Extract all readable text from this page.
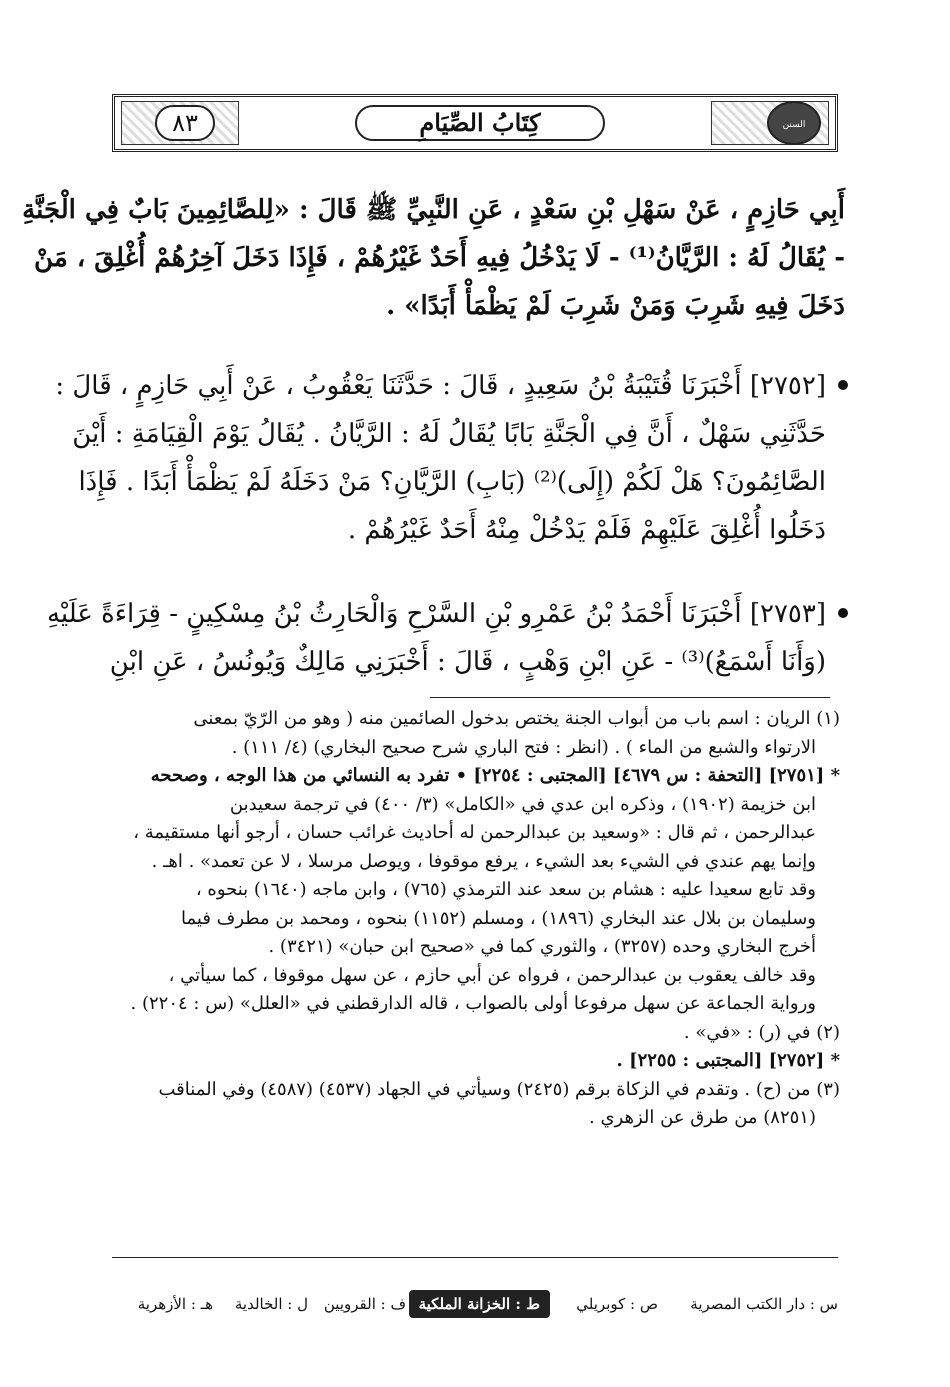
السنن الكبرى
٨٣	كِتَابُ الصِّيَامِ
أَبِي حَازِمٍ ، عَنْ سَهْلِ بْنِ سَعْدٍ ، عَنِ النَّبِيِّ ﷺ قَالَ : «لِلصَّائِمِينَ بَابٌ فِي الْجَنَّةِ
- يُقَالُ لَهُ : الرَّيَّانُ⁽¹⁾ - لَا يَدْخُلُ فِيهِ أَحَدٌ غَيْرُهُمْ ، فَإِذَا دَخَلَ آخِرُهُمْ أُغْلِقَ ، مَنْ
دَخَلَ فِيهِ شَرِبَ وَمَنْ شَرِبَ لَمْ يَظْمَأْ أَبَدًا» .
[٢٧٥٢] أَخْبَرَنَا قُتَيْبَةُ بْنُ سَعِيدٍ ، قَالَ : حَدَّثَنَا يَعْقُوبُ ، عَنْ أَبِي حَازِمٍ ، قَالَ :
حَدَّثَنِي سَهْلٌ ، أَنَّ فِي الْجَنَّةِ بَابًا يُقَالُ لَهُ : الرَّيَّانُ . يُقَالُ يَوْمَ الْقِيَامَةِ : أَيْنَ
الصَّائِمُونَ؟ هَلْ لَكُمْ (إِلَى)⁽²⁾ (بَابِ) الرَّيَّانِ؟ مَنْ دَخَلَهُ لَمْ يَظْمَأْ أَبَدًا . فَإِذَا
دَخَلُوا أُغْلِقَ عَلَيْهِمْ فَلَمْ يَدْخُلْ مِنْهُ أَحَدٌ غَيْرُهُمْ .
[٢٧٥٣] أَخْبَرَنَا أَحْمَدُ بْنُ عَمْرِو بْنِ السَّرْحِ وَالْحَارِثُ بْنُ مِسْكِينٍ - قِرَاءَةً عَلَيْهِ
(وَأَنَا أَسْمَعُ)⁽³⁾ - عَنِ ابْنِ وَهْبٍ ، قَالَ : أَخْبَرَنِي مَالِكٌ وَيُونُسُ ، عَنِ ابْنِ
(١) الريان : اسم باب من أبواب الجنة يختص بدخول الصائمين منه ( وهو من الرّيّ بمعنى
الارتواء والشبع من الماء ) . (انظر : فتح الباري شرح صحيح البخاري) (٤/ ١١١) .
* [٢٧٥١] [التحفة : س ٤٦٧٩] [المجتبى : ٢٢٥٤] • تفرد به النسائي من هذا الوجه ، وصححه
ابن خزيمة (١٩٠٢) ، وذكره ابن عدي في «الكامل» (٣/ ٤٠٠) في ترجمة سعيدبن
عبدالرحمن ، ثم قال : «وسعيد بن عبدالرحمن له أحاديث غرائب حسان ، أرجو أنها مستقيمة ،
وإنما يهم عندي في الشيء بعد الشيء ، يرفع موقوفا ، ويوصل مرسلا ، لا عن تعمد» . اهـ .
وقد تابع سعيدا عليه : هشام بن سعد عند الترمذي (٧٦٥) ، وابن ماجه (١٦٤٠) بنحوه ،
وسليمان بن بلال عند البخاري (١٨٩٦) ، ومسلم (١١٥٢) بنحوه ، ومحمد بن مطرف فيما
أخرج البخاري وحده (٣٢٥٧) ، والثوري كما في «صحيح ابن حبان» (٣٤٢١) .
وقد خالف يعقوب بن عبدالرحمن ، فرواه عن أبي حازم ، عن سهل موقوفا ، كما سيأتي ،
ورواية الجماعة عن سهل مرفوعا أولى بالصواب ، قاله الدارقطني في «العلل» (س : ٢٢٠٤) .
(٢) في (ر) : «في» .
* [٢٧٥٢] [المجتبى : ٢٢٥٥] .
(٣) من (ح) . وتقدم في الزكاة برقم (٢٤٢٥) وسيأتي في الجهاد (٤٥٣٧) (٤٥٨٧) وفي المناقب
(٨٢٥١) من طرق عن الزهري .
س : دار الكتب المصرية
ص : كوبريلي
ط : الخزانة الملكية
ف : القرويين
ل : الخالدية
هـ : الأزهرية
